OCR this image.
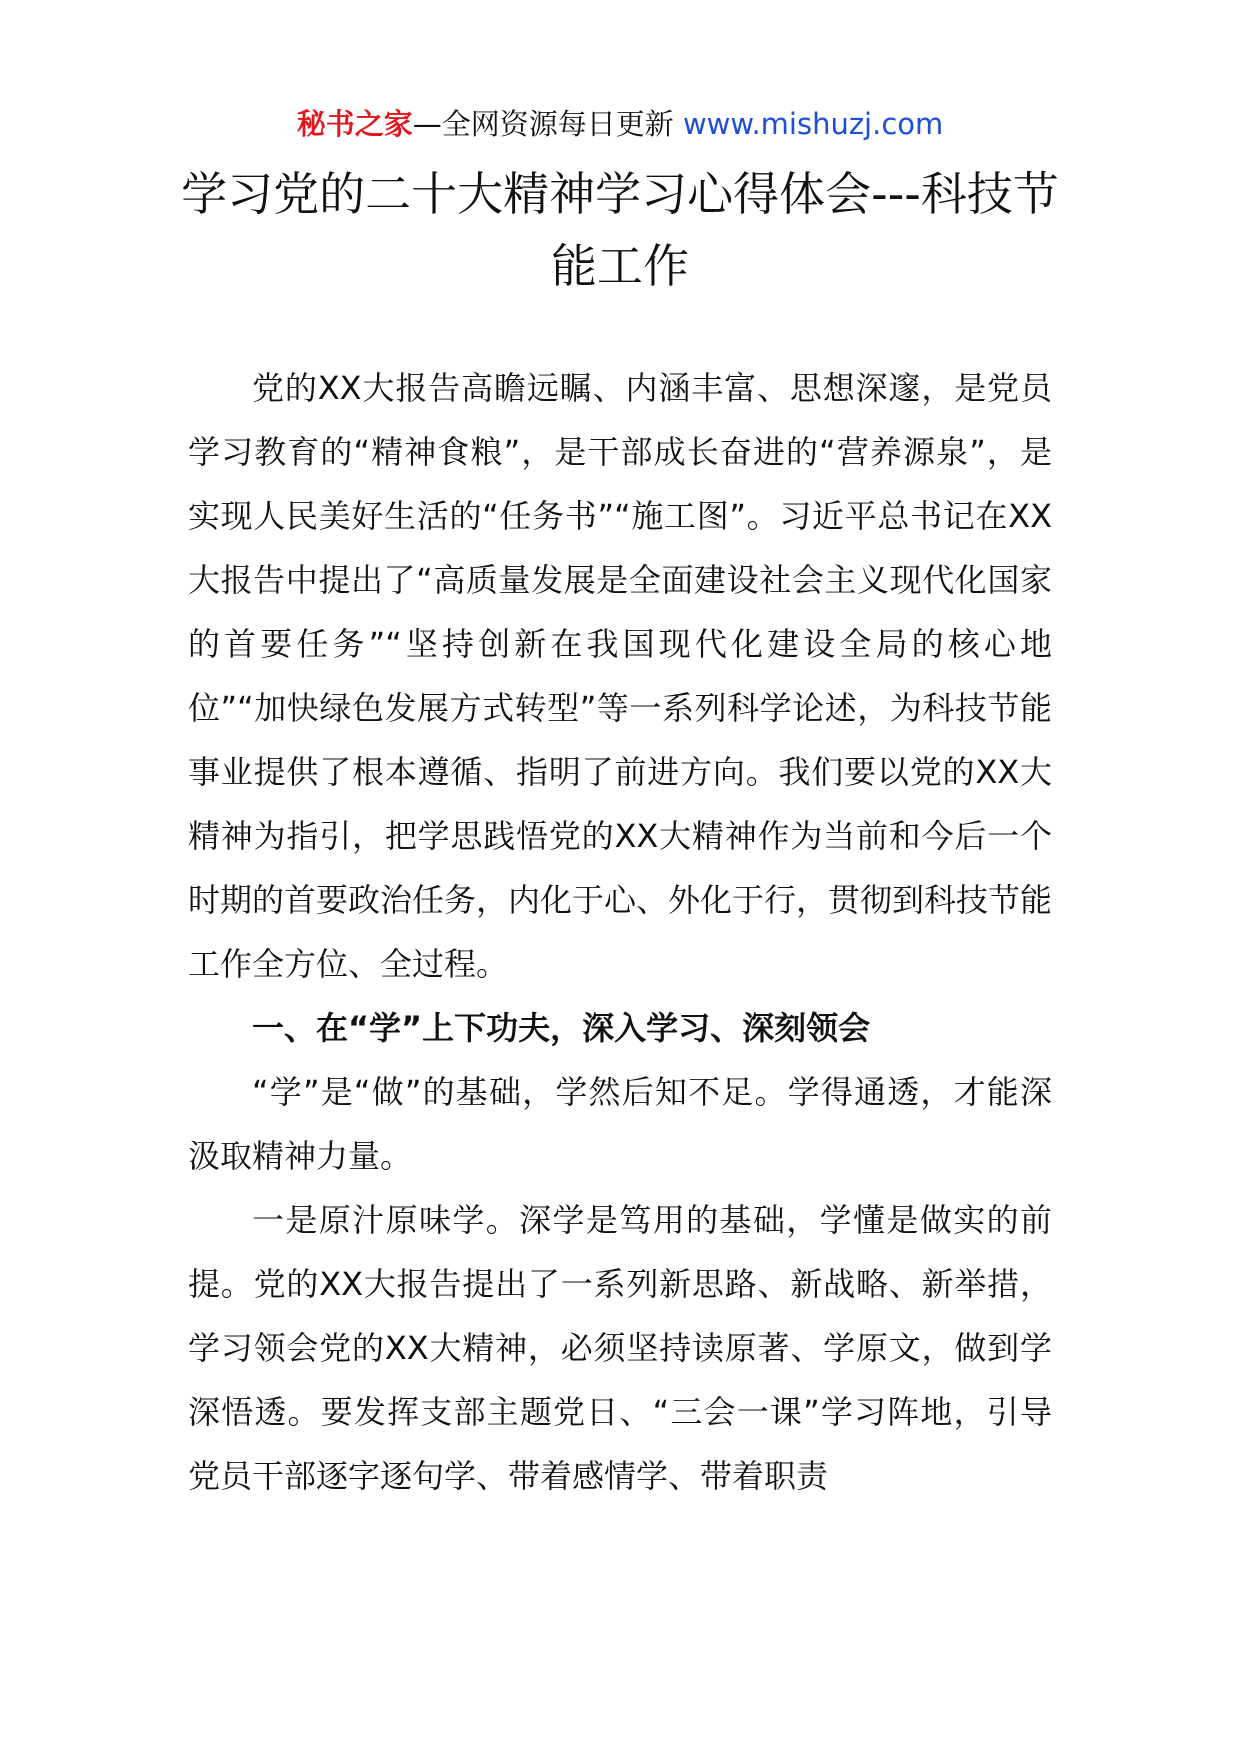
秘书之家—全网资源每日更新 www.mishuzj.com
学习党的二十大精神学习心得体会---科技节能工作

党的XX大报告高瞻远瞩、内涵丰富、思想深邃，是党员学习教育的“精神食粮”，是干部成长奋进的“营养源泉”，是实现人民美好生活的“任务书”“施工图”。习近平总书记在XX大报告中提出了“高质量发展是全面建设社会主义现代化国家的首要任务”“坚持创新在我国现代化建设全局的核心地位”“加快绿色发展方式转型”等一系列科学论述，为科技节能事业提供了根本遵循、指明了前进方向。我们要以党的XX大精神为指引，把学思践悟党的XX大精神作为当前和今后一个时期的首要政治任务，内化于心、外化于行，贯彻到科技节能工作全方位、全过程。

一、在“学”上下功夫，深入学习、深刻领会

“学”是“做”的基础，学然后知不足。学得通透，才能深汲取精神力量。

一是原汁原味学。深学是笃用的基础，学懂是做实的前提。党的XX大报告提出了一系列新思路、新战略、新举措，学习领会党的XX大精神，必须坚持读原著、学原文，做到学深悟透。要发挥支部主题党日、“三会一课”学习阵地，引导党员干部逐字逐句学、带着感情学、带着职责
